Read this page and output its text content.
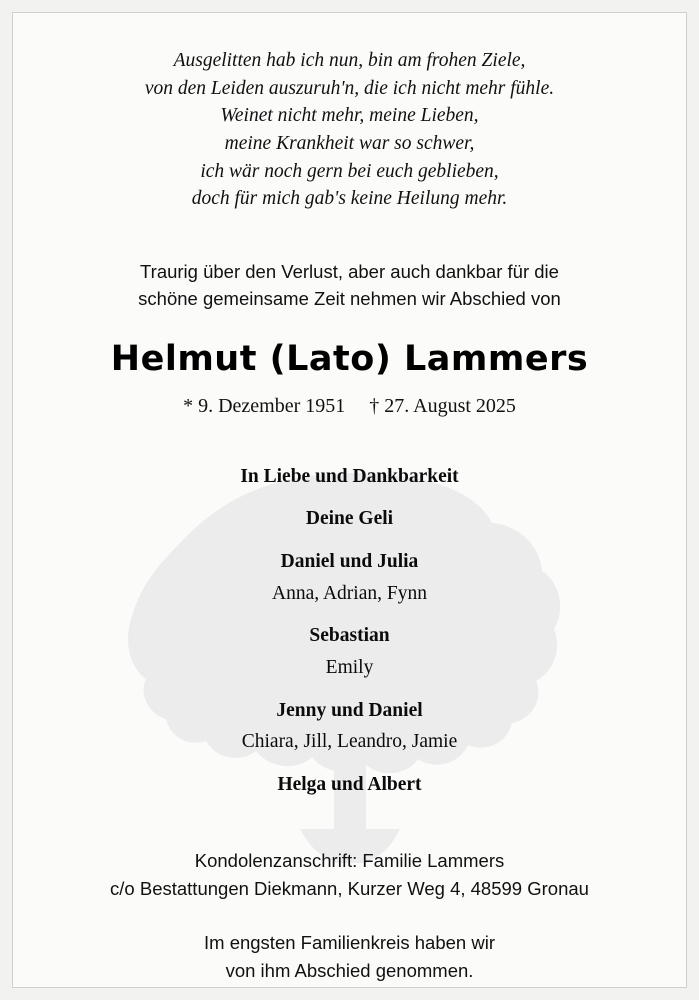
Ausgelitten hab ich nun, bin am frohen Ziele,
von den Leiden auszuruh'n, die ich nicht mehr fühle.
Weinet nicht mehr, meine Lieben,
meine Krankheit war so schwer,
ich wär noch gern bei euch geblieben,
doch für mich gab's keine Heilung mehr.
Traurig über den Verlust, aber auch dankbar für die
schöne gemeinsame Zeit nehmen wir Abschied von
Helmut (Lato) Lammers
* 9. Dezember 1951 † 27. August 2025
In Liebe und Dankbarkeit
Deine Geli
Daniel und Julia
Anna, Adrian, Fynn
Sebastian
Emily
Jenny und Daniel
Chiara, Jill, Leandro, Jamie
Helga und Albert
Kondolenzanschrift: Familie Lammers
c/o Bestattungen Diekmann, Kurzer Weg 4, 48599 Gronau
Im engsten Familienkreis haben wir
von ihm Abschied genommen.
